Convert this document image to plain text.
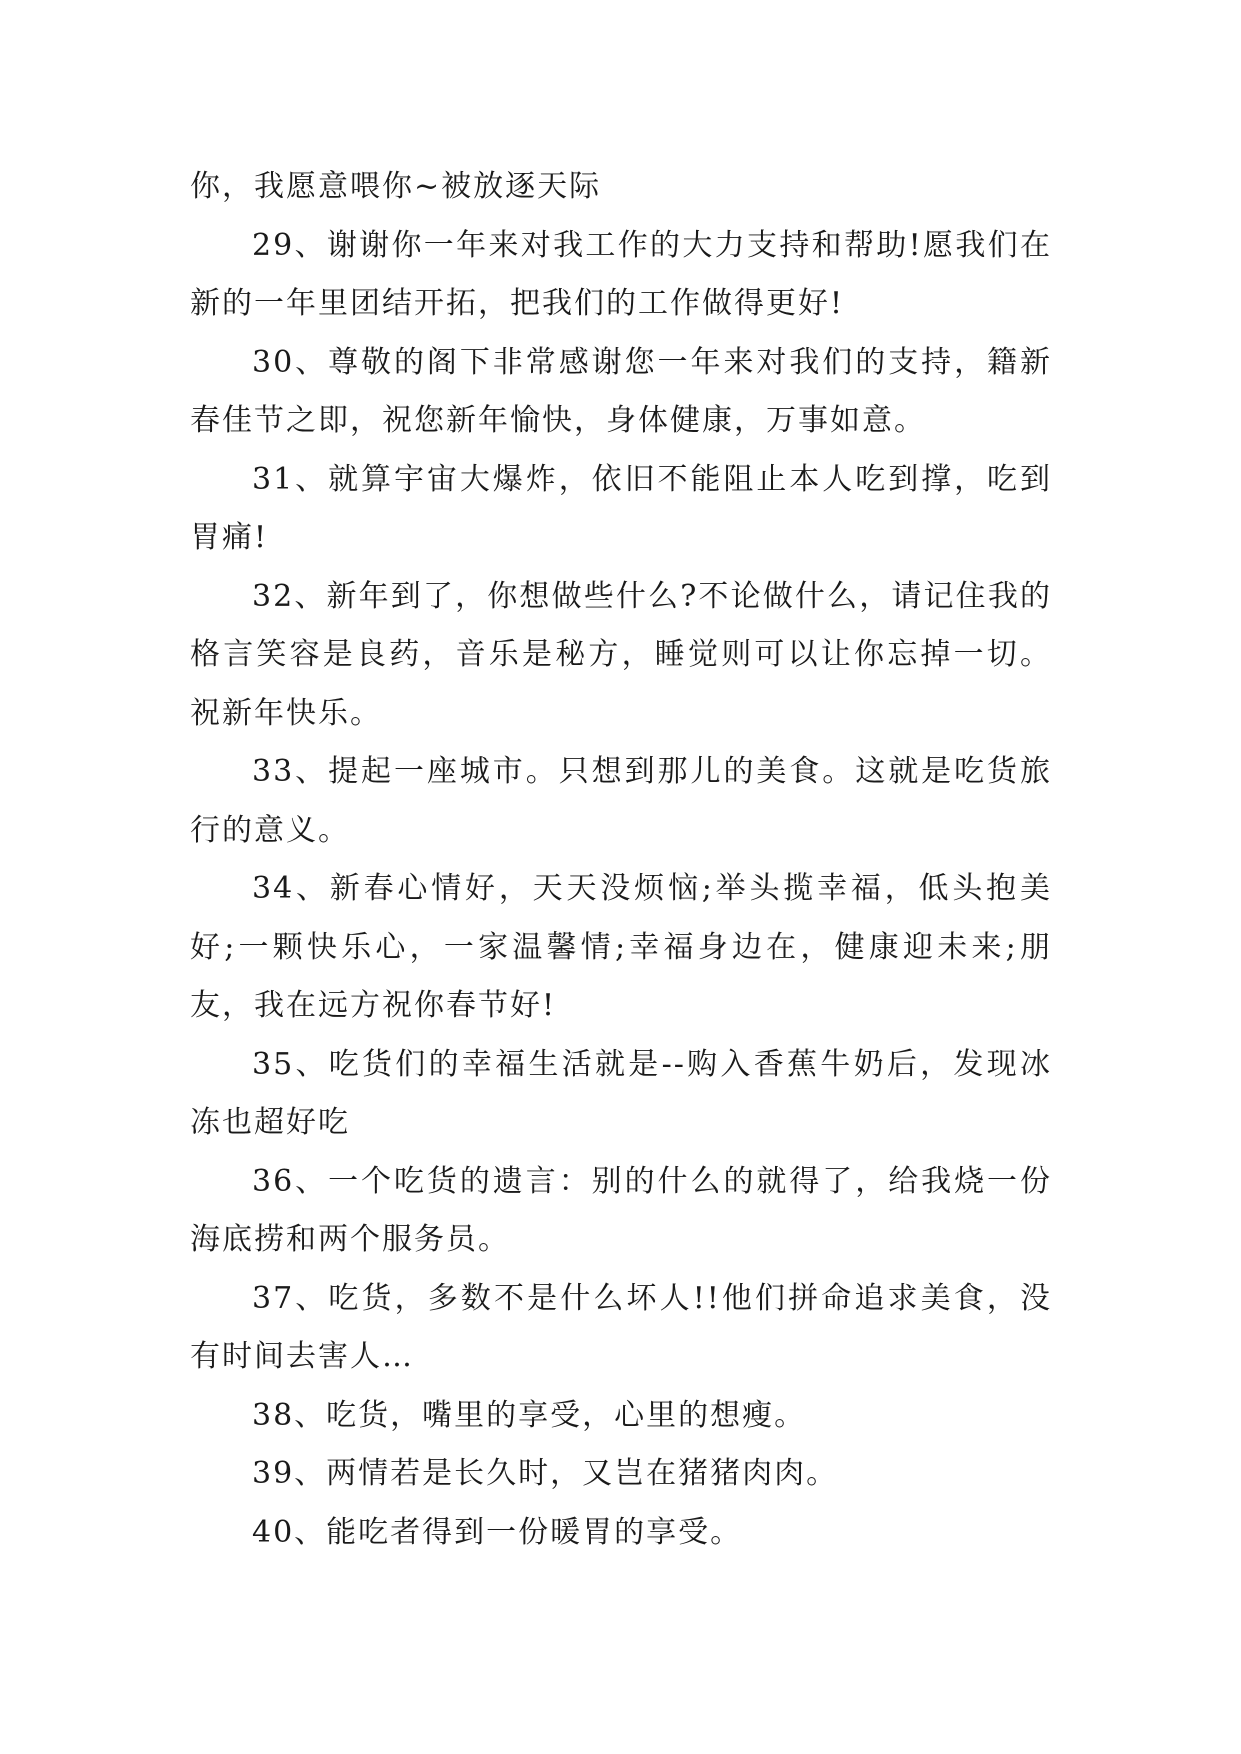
你，我愿意喂你~被放逐天际

29、谢谢你一年来对我工作的大力支持和帮助!愿我们在新的一年里团结开拓，把我们的工作做得更好!

30、尊敬的阁下非常感谢您一年来对我们的支持，籍新春佳节之即，祝您新年愉快，身体健康，万事如意。

31、就算宇宙大爆炸，依旧不能阻止本人吃到撑，吃到胃痛!

32、新年到了，你想做些什么?不论做什么，请记住我的格言笑容是良药，音乐是秘方，睡觉则可以让你忘掉一切。祝新年快乐。

33、提起一座城市。只想到那儿的美食。这就是吃货旅行的意义。

34、新春心情好，天天没烦恼;举头揽幸福，低头抱美好;一颗快乐心，一家温馨情;幸福身边在，健康迎未来;朋友，我在远方祝你春节好!

35、吃货们的幸福生活就是--购入香蕉牛奶后，发现冰冻也超好吃

36、一个吃货的遗言：别的什么的就得了，给我烧一份海底捞和两个服务员。

37、吃货，多数不是什么坏人!!他们拼命追求美食，没有时间去害人…

38、吃货，嘴里的享受，心里的想瘦。

39、两情若是长久时，又岂在猪猪肉肉。

40、能吃者得到一份暖胃的享受。
